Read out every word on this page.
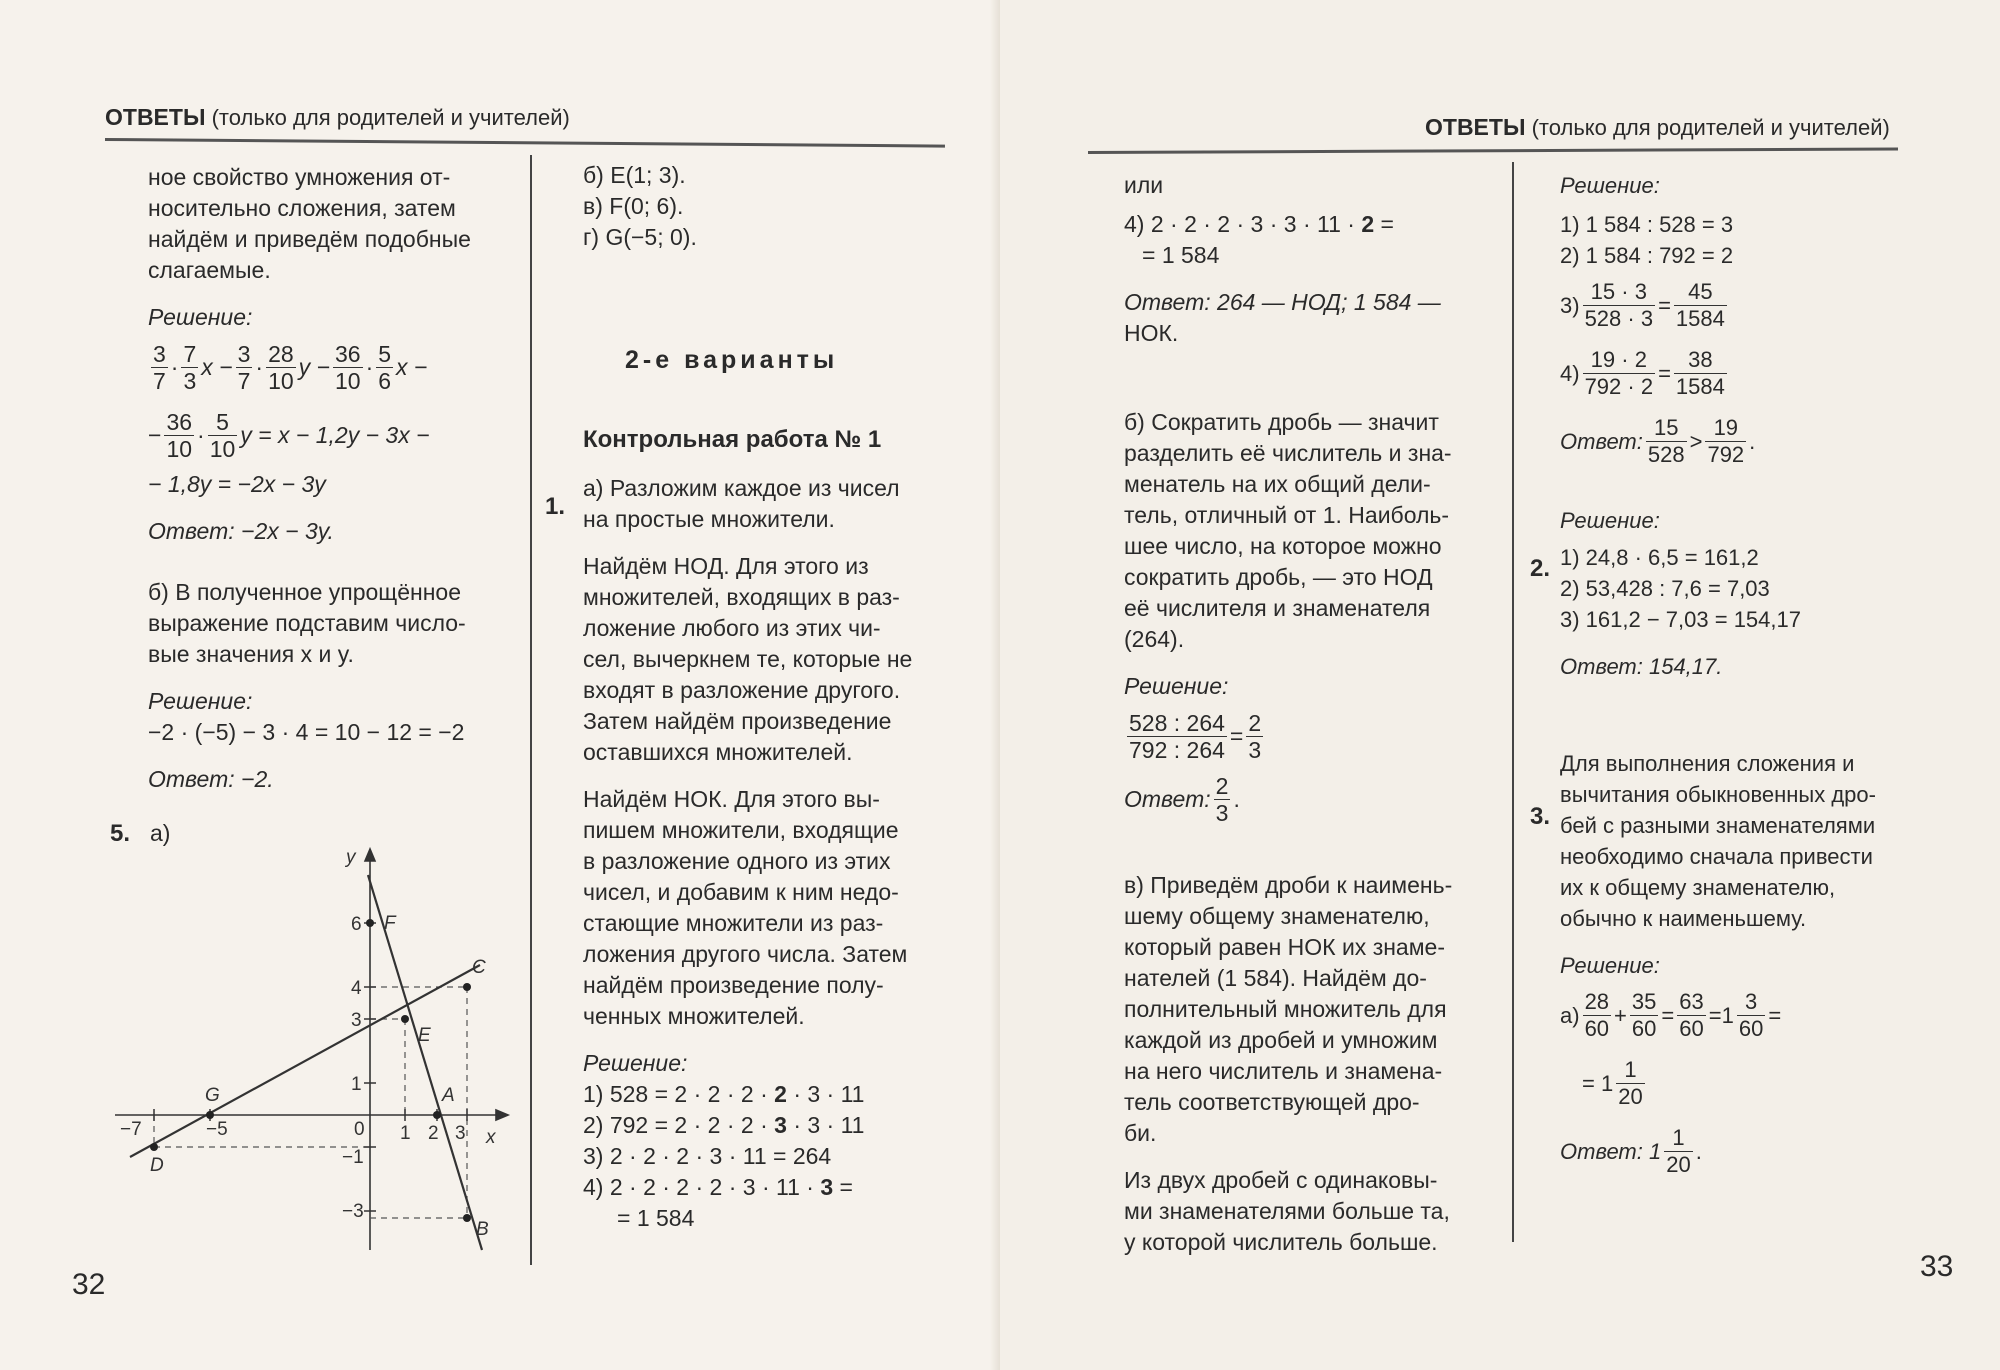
ОТВЕТЫ (только для родителей и учителей)

ное свойство умножения от-

носительно сложения, затем

найдём и приведём подобные

слагаемые.

Решение:

$\frac{3}{7} \cdot \frac{7}{3}$ $x - \frac{3}{7} \cdot \frac{28}{10}$ $y - \frac{36}{10} \cdot \frac{5}{6}$ x −
− $\frac{36}{10} \cdot \frac{5}{10}$ y = x − 1,2y − 3x −

− 1,8y = −2x − 3y

Ответ: −2x − 3y.

б) В полученное упрощённое

выражение подставим число-

вые значения x и y.

Решение:

−2 · (−5) − 3 · 4 = 10 − 12 = −2

Ответ: −2.

5. а)
y
x
F
C
E
G	A
D
B
6
4
3
1
−1
−3
−7	−5	0 1 2 3

б) E(1; 3).

в) F(0; 6).

г) G(−5; 0).

2-е варианты

Контрольная работа № 1

а) Разложим каждое из чисел

на простые множители.

Найдём НОД. Для этого из

множителей, входящих в раз-

ложение любого из этих чи-

сел, вычеркнем те, которые не

входят в разложение другого.

Затем найдём произведение

оставшихся множителей.

Найдём НОК. Для этого вы-

пишем множители, входящие

в разложение одного из этих

чисел, и добавим к ним недо-

стающие множители из раз-

ложения другого числа. Затем

найдём произведение полу-

ченных множителей.

Решение:

1) 528 = 2 · 2 · 2 · 2 · 3 · 11

2) 792 = 2 · 2 · 2 · 3 · 3 · 11

3) 2 · 2 · 2 · 3 · 11 = 264

4) 2 · 2 · 2 · 2 · 3 · 11 · 3 =

= 1 584

1.
32
ОТВЕТЫ (только для родителей и учителей)

или

4) 2 · 2 · 2 · 3 · 3 · 11 · 2 =

= 1 584

Ответ: 264 — НОД; 1 584 —

НОК.

б) Сократить дробь — значит

разделить её числитель и зна-

менатель на их общий дели-

тель, отличный от 1. Наиболь-

шее число, на которое можно

сократить дробь, — это НОД

её числителя и знаменателя

(264).

Решение:

$\frac{528 : 264}{792 : 264} = \frac{2}{3}$
Ответ: $\frac{2}{3}$ .

в) Приведём дроби к наимень-

шему общему знаменателю,

который равен НОК их знаме-

нателей (1 584). Найдём до-

полнительный множитель для

каждой из дробей и умножим

на него числитель и знамена-

тель соответствующей дро-

би.

Из двух дробей с одинаковы-

ми знаменателями больше та,

у которой числитель больше.

Решение:

1) 1 584 : 528 = 3

2) 1 584 : 792 = 2

$3) \frac{15 \cdot 3}{528 \cdot 3} = \frac{45}{1584}$
$4) \frac{19 \cdot 2}{792 \cdot 2} = \frac{38}{1584}$
Ответ: $\frac{15}{528} > \frac{19}{792}$ .

Решение:

1) 24,8 · 6,5 = 161,2

2) 53,428 : 7,6 = 7,03

3) 161,2 − 7,03 = 154,17

Ответ: 154,17.

Для выполнения сложения и

вычитания обыкновенных дро-

бей с разными знаменателями

необходимо сначала привести

их к общему знаменателю,

обычно к наименьшему.

Решение:

$а) \frac{28}{60} + \frac{35}{60} = \frac{63}{60} = 1 \frac{3}{60}$ =
= $1 \frac{1}{20}$
Ответ: $1 \frac{1}{20}$ .
2.
3.
33
